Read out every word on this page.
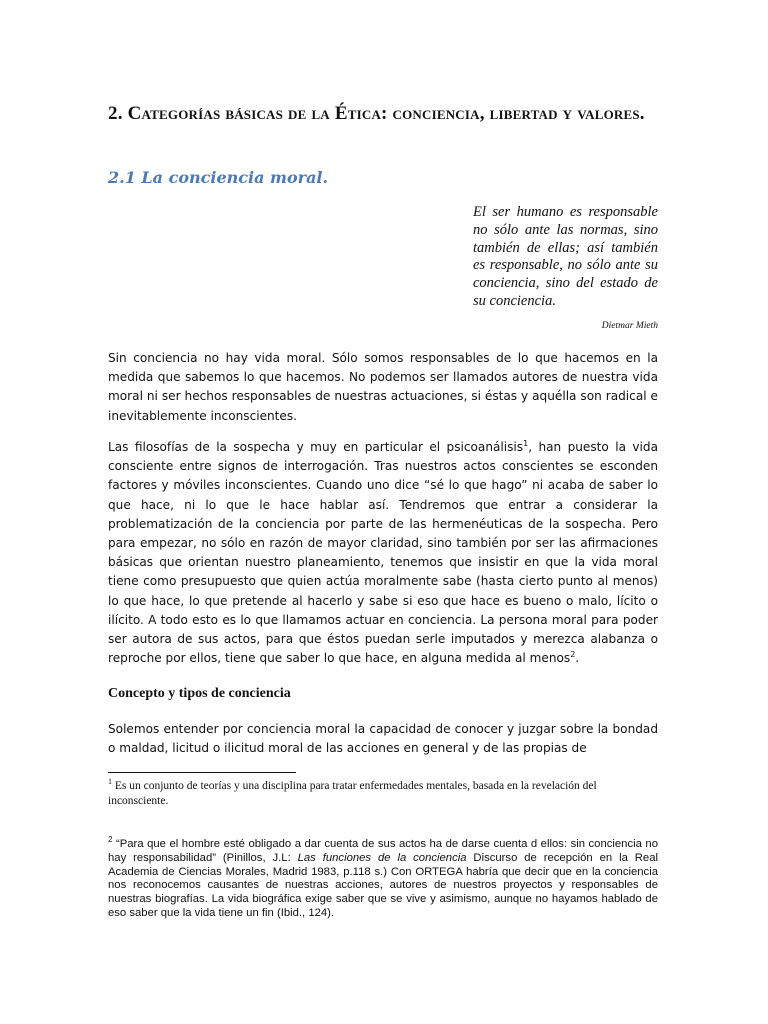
2. Categorías básicas de la Ética: conciencia, libertad y valores.
2.1 La conciencia moral.
El ser humano es responsable no sólo ante las normas, sino también de ellas; así también es responsable, no sólo ante su conciencia, sino del estado de su conciencia.
Dietmar Mieth
Sin conciencia no hay vida moral. Sólo somos responsables de lo que hacemos en la medida que sabemos lo que hacemos. No podemos ser llamados autores de nuestra vida moral ni ser hechos responsables de nuestras actuaciones, si éstas y aquélla son radical e inevitablemente inconscientes.
Las filosofías de la sospecha y muy en particular el psicoanálisis$^1$, han puesto la vida consciente entre signos de interrogación. Tras nuestros actos conscientes se esconden factores y móviles inconscientes. Cuando uno dice “sé lo que hago” ni acaba de saber lo que hace, ni lo que le hace hablar así. Tendremos que entrar a considerar la problematización de la conciencia por parte de las hermenéuticas de la sospecha. Pero para empezar, no sólo en razón de mayor claridad, sino también por ser las afirmaciones básicas que orientan nuestro planeamiento, tenemos que insistir en que la vida moral tiene como presupuesto que quien actúa moralmente sabe (hasta cierto punto al menos) lo que hace, lo que pretende al hacerlo y sabe si eso que hace es bueno o malo, lícito o ilícito. A todo esto es lo que llamamos actuar en conciencia. La persona moral para poder ser autora de sus actos, para que éstos puedan serle imputados y merezca alabanza o reproche por ellos, tiene que saber lo que hace, en alguna medida al menos$^2$.
Concepto y tipos de conciencia
Solemos entender por conciencia moral la capacidad de conocer y juzgar sobre la bondad o maldad, licitud o ilicitud moral de las acciones en general y de las propias de
$^1$ Es un conjunto de teorías y una disciplina para tratar enfermedades mentales, basada en la revelación del inconsciente.
$^2$ “Para que el hombre esté obligado a dar cuenta de sus actos ha de darse cuenta d ellos: sin conciencia no hay responsabilidad” (Pinillos, J.L: Las funciones de la conciencia Discurso de recepción en la Real Academia de Ciencias Morales, Madrid 1983, p.118 s.) Con ORTEGA habría que decir que en la conciencia nos reconocemos causantes de nuestras acciones, autores de nuestros proyectos y responsables de nuestras biografías. La vida biográfica exige saber que se vive y asimismo, aunque no hayamos hablado de eso saber que la vida tiene un fin (Ibid., 124).
